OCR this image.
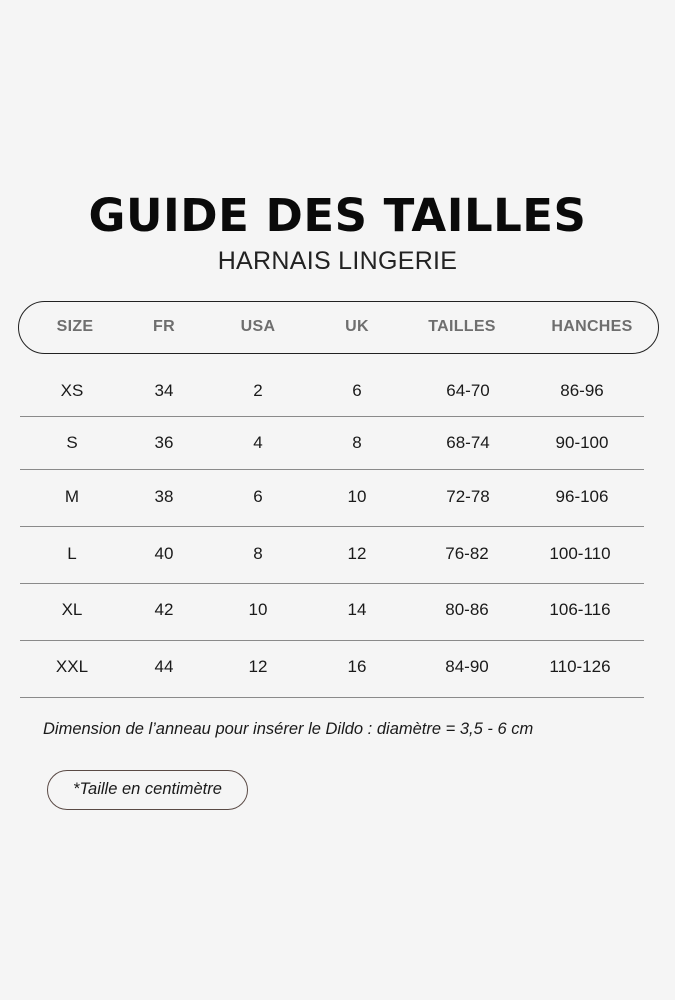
GUIDE DES TAILLES
HARNAIS LINGERIE
SIZE	FR	USA	UK	TAILLES	HANCHES
XS	34	2	6	64-70	86-96
S	36	4	8	68-74	90-100
M	38	6	10	72-78	96-106
L	40	8	12	76-82	100-110
XL	42	10	14	80-86	106-116
XXL	44	12	16	84-90	110-126
Dimension de l’anneau pour insérer le Dildo : diamètre = 3,5 - 6 cm
*Taille en centimètre
